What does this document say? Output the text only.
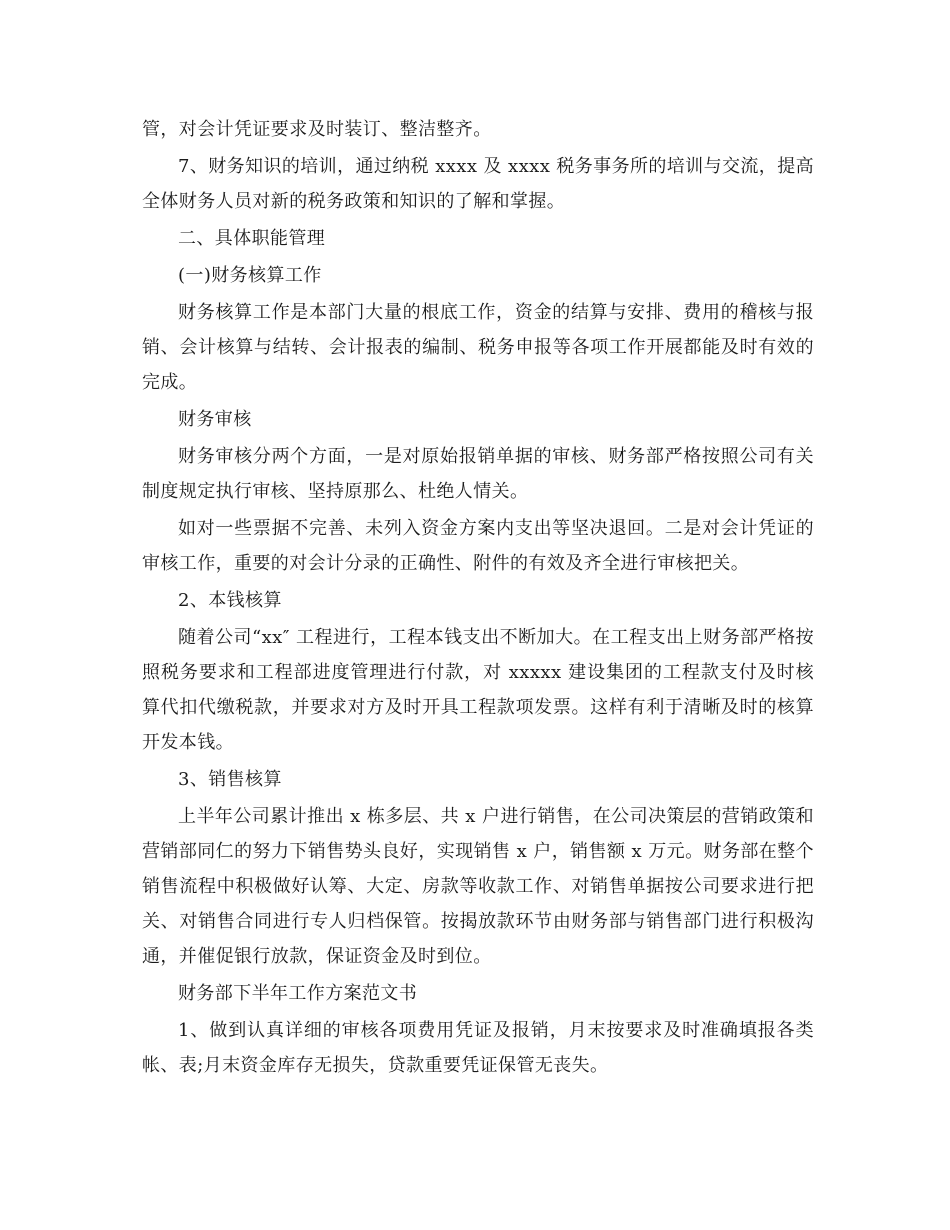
管，对会计凭证要求及时装订、整洁整齐。

7、财务知识的培训，通过纳税 xxxx 及 xxxx 税务事务所的培训与交流，提高全体财务人员对新的税务政策和知识的了解和掌握。

二、具体职能管理

(一)财务核算工作

财务核算工作是本部门大量的根底工作，资金的结算与安排、费用的稽核与报销、会计核算与结转、会计报表的编制、税务申报等各项工作开展都能及时有效的完成。

财务审核

财务审核分两个方面，一是对原始报销单据的审核、财务部严格按照公司有关制度规定执行审核、坚持原那么、杜绝人情关。

如对一些票据不完善、未列入资金方案内支出等坚决退回。二是对会计凭证的审核工作，重要的对会计分录的正确性、附件的有效及齐全进行审核把关。

2、本钱核算

随着公司“xx″ 工程进行，工程本钱支出不断加大。在工程支出上财务部严格按照税务要求和工程部进度管理进行付款，对 xxxxx 建设集团的工程款支付及时核算代扣代缴税款，并要求对方及时开具工程款项发票。这样有利于清晰及时的核算开发本钱。

3、销售核算

上半年公司累计推出 x 栋多层、共 x 户进行销售，在公司决策层的营销政策和营销部同仁的努力下销售势头良好，实现销售 x 户，销售额 x 万元。财务部在整个销售流程中积极做好认筹、大定、房款等收款工作、对销售单据按公司要求进行把关、对销售合同进行专人归档保管。按揭放款环节由财务部与销售部门进行积极沟通，并催促银行放款，保证资金及时到位。

财务部下半年工作方案范文书

1、做到认真详细的审核各项费用凭证及报销，月末按要求及时准确填报各类帐、表;月末资金库存无损失，贷款重要凭证保管无丧失。
